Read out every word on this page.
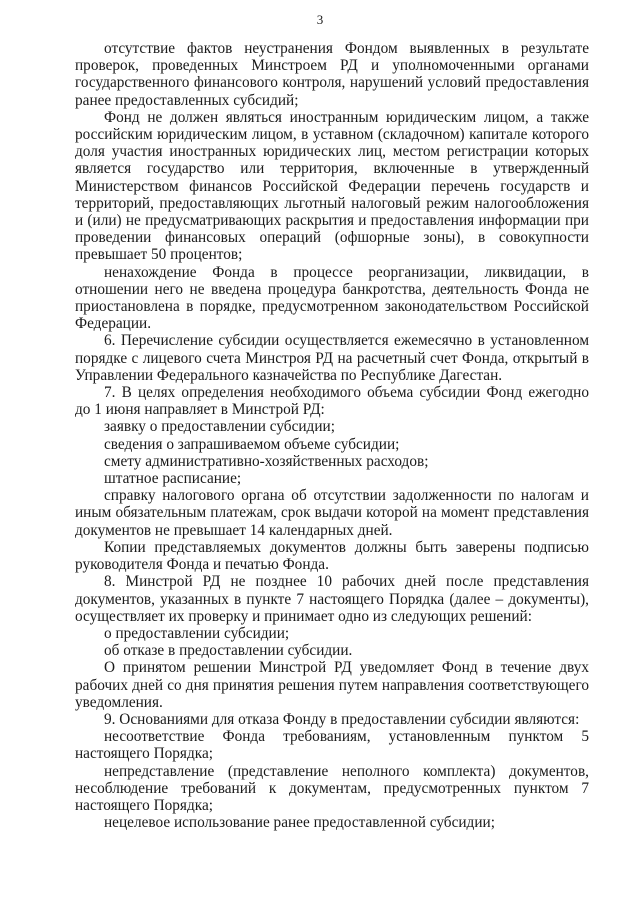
3

отсутствие фактов неустранения Фондом выявленных в результате проверок, проведенных Минстроем РД и уполномоченными органами государственного финансового контроля, нарушений условий предоставления ранее предоставленных субсидий;

Фонд не должен являться иностранным юридическим лицом, а также российским юридическим лицом, в уставном (складочном) капитале которого доля участия иностранных юридических лиц, местом регистрации которых является государство или территория, включенные в утвержденный Министерством финансов Российской Федерации перечень государств и территорий, предоставляющих льготный налоговый режим налогообложения и (или) не предусматривающих раскрытия и предоставления информации при проведении финансовых операций (офшорные зоны), в совокупности превышает 50 процентов;

ненахождение Фонда в процессе реорганизации, ликвидации, в отношении него не введена процедура банкротства, деятельность Фонда не приостановлена в порядке, предусмотренном законодательством Российской Федерации.

6. Перечисление субсидии осуществляется ежемесячно в установленном порядке с лицевого счета Минстроя РД на расчетный счет Фонда, открытый в Управлении Федерального казначейства по Республике Дагестан.

7. В целях определения необходимого объема субсидии Фонд ежегодно до 1 июня направляет в Минстрой РД:

заявку о предоставлении субсидии;

сведения о запрашиваемом объеме субсидии;

смету административно-хозяйственных расходов;

штатное расписание;

справку налогового органа об отсутствии задолженности по налогам и иным обязательным платежам, срок выдачи которой на момент представления документов не превышает 14 календарных дней.

Копии представляемых документов должны быть заверены подписью руководителя Фонда и печатью Фонда.

8. Минстрой РД не позднее 10 рабочих дней после представления документов, указанных в пункте 7 настоящего Порядка (далее – документы), осуществляет их проверку и принимает одно из следующих решений:

о предоставлении субсидии;

об отказе в предоставлении субсидии.

О принятом решении Минстрой РД уведомляет Фонд в течение двух рабочих дней со дня принятия решения путем направления соответствующего уведомления.

9. Основаниями для отказа Фонду в предоставлении субсидии являются:

несоответствие Фонда требованиям, установленным пунктом 5 настоящего Порядка;

непредставление (представление неполного комплекта) документов, несоблюдение требований к документам, предусмотренных пунктом 7 настоящего Порядка;

нецелевое использование ранее предоставленной субсидии;
